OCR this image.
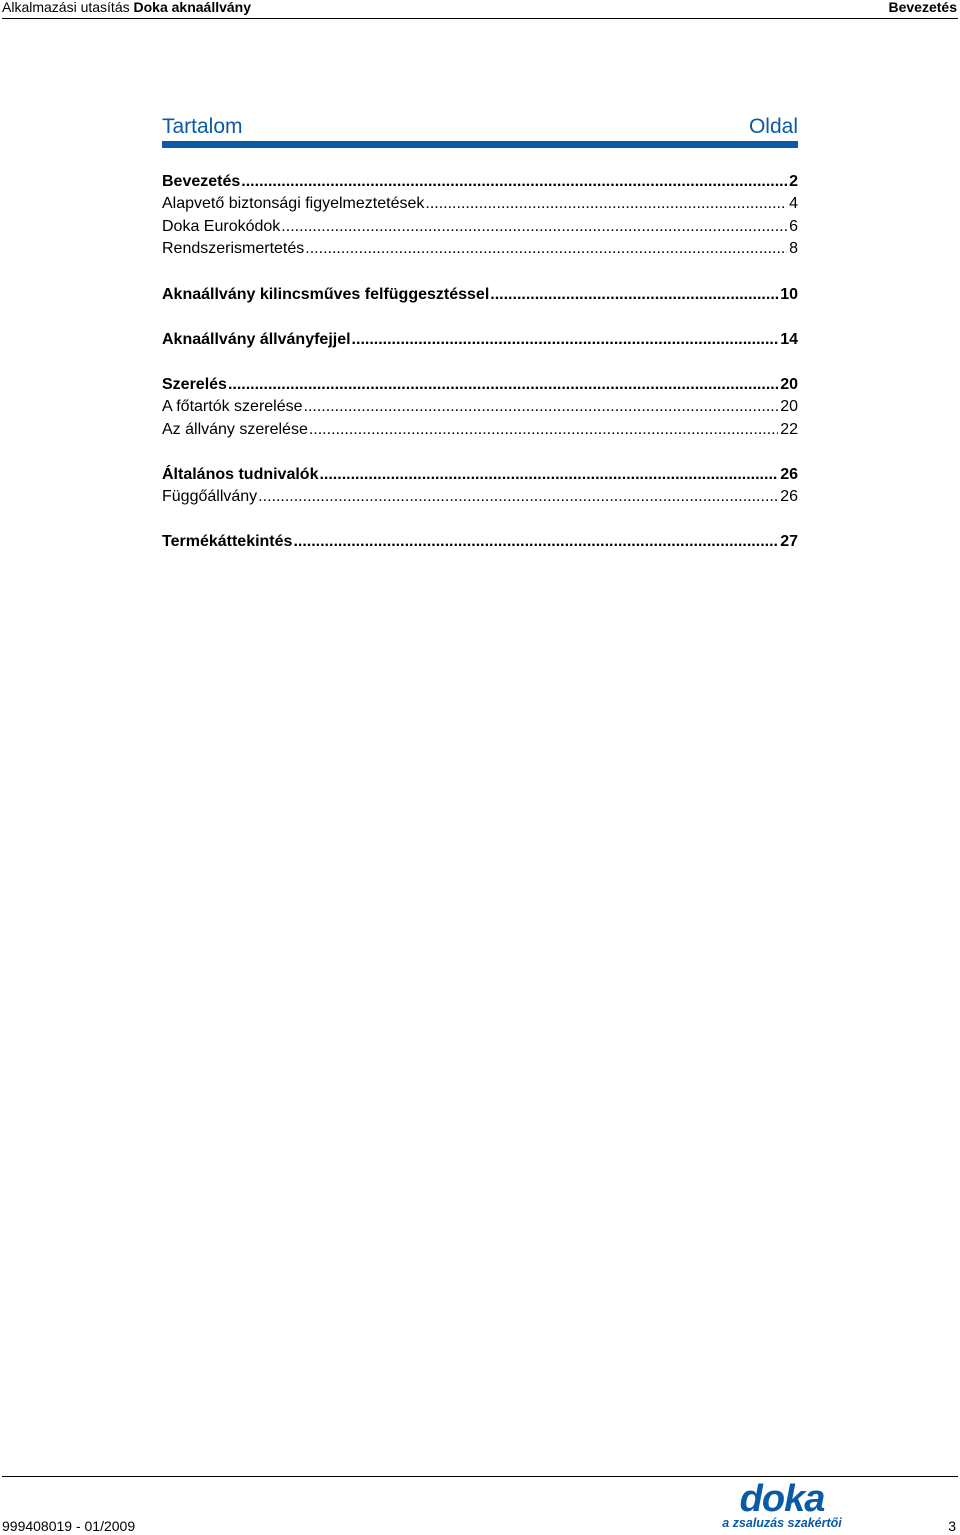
Alkalmazási utasítás Doka aknaállvány	Bevezetés
Tartalom	Oldal
Bevezetés .....	2
Alapvető biztonsági figyelmeztetések .....	4
Doka Eurokódok .....	6
Rendszerismertetés .....	8
Aknaállvány kilincsműves felfüggesztéssel .....	10
Aknaállvány állványfejjel .....	14
Szerelés .....	20
A főtartók szerelése .....	20
Az állvány szerelése .....	22
Általános tudnivalók .....	26
Függőállvány .....	26
Termékáttekintés .....	27
999408019 - 01/2009
doka
a zsaluzás szakértői	3
